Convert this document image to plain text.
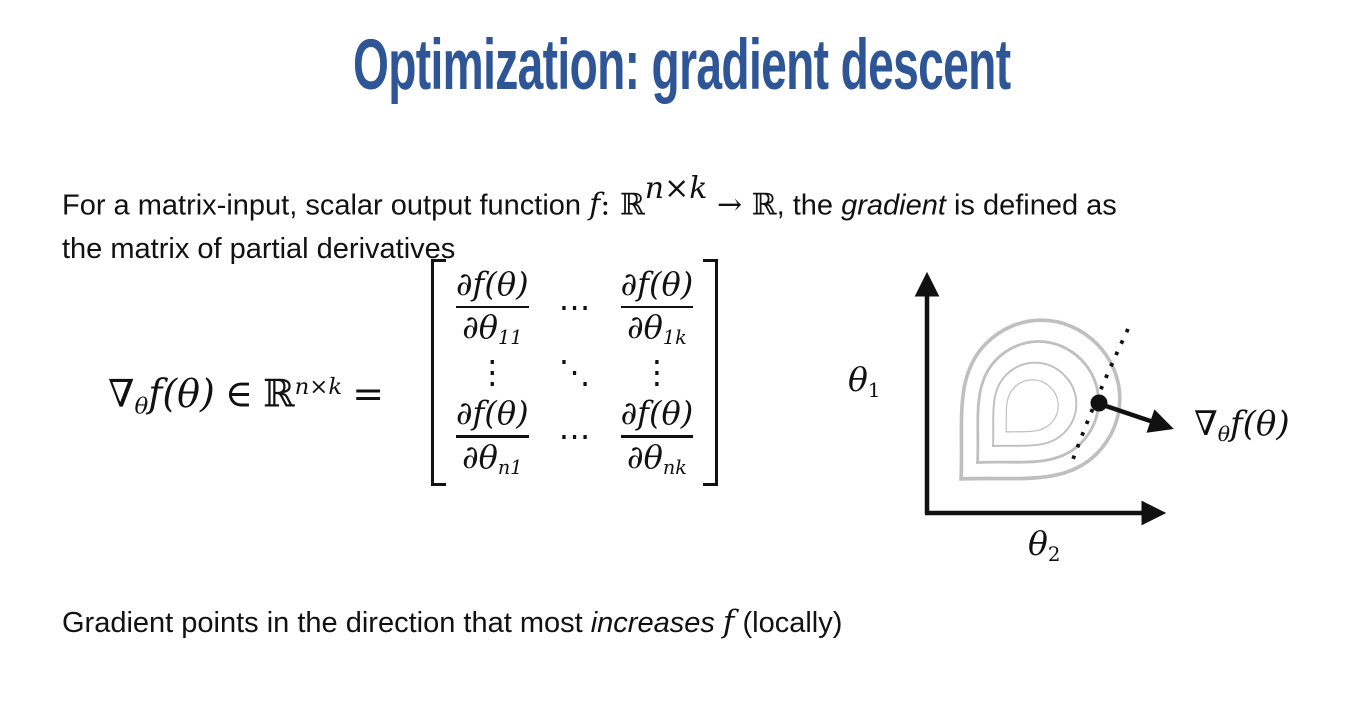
Optimization: gradient descent
For a matrix-input, scalar output function f: ℝn×k → ℝ, the gradient is defined as
the matrix of partial derivatives
∇θf(θ) ∈ ℝ$^{n\times k}$ =
$\frac{\partial f(\theta)}{\partial\theta 11}$ ⋯ $\frac{\partial f(\theta)}{\partial\theta 1k}$
⋮ ⋱ ⋮
$\frac{\partial f(\theta)}{\partial\theta n1}$ ⋯ $\frac{\partial f(\theta)}{\text{∂θnk}}$
θ1
θ2
∇θf(θ)
Gradient points in the direction that most increases f (locally)
